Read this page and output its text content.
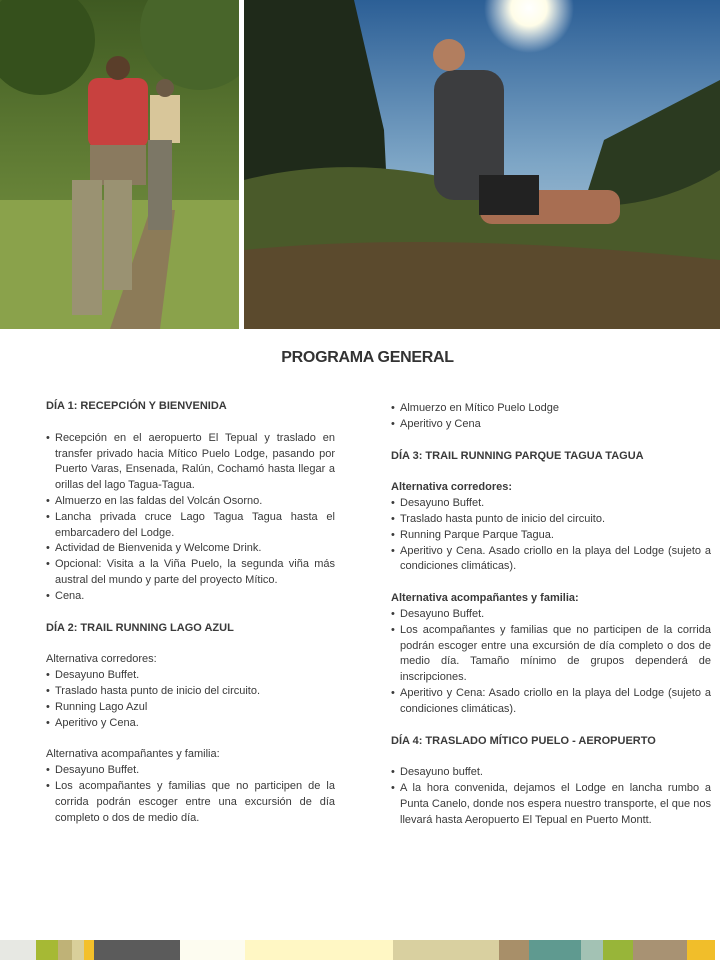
PROGRAMA GENERAL

DÍA 1: RECEPCIÓN Y BIENVENIDA

• Recepción en el aeropuerto El Tepual y traslado en transfer privado hacia Mítico Puelo Lodge, pasando por Puerto Varas, Ensenada, Ralún, Cochamó hasta llegar a orillas del lago Tagua-Tagua.
• Almuerzo en las faldas del Volcán Osorno.
• Lancha privada cruce Lago Tagua Tagua hasta el embarcadero del Lodge.
• Actividad de Bienvenida y Welcome Drink.
• Opcional: Visita a la Viña Puelo, la segunda viña más austral del mundo y parte del proyecto Mítico.
• Cena.

DÍA 2: TRAIL RUNNING LAGO AZUL

Alternativa corredores:

• Desayuno Buffet.
• Traslado hasta punto de inicio del circuito.
• Running Lago Azul
• Aperitivo y Cena.

Alternativa acompañantes y familia:

• Desayuno Buffet.
• Los acompañantes y familias que no participen de la corrida podrán escoger entre una excursión de día completo o dos de medio día.
• Almuerzo en Mítico Puelo Lodge
• Aperitivo y Cena

DÍA 3: TRAIL RUNNING PARQUE TAGUA TAGUA

Alternativa corredores:

• Desayuno Buffet.
• Traslado hasta punto de inicio del circuito.
• Running Parque Parque Tagua.
• Aperitivo y Cena. Asado criollo en la playa del Lodge (sujeto a condiciones climáticas).

Alternativa acompañantes y familia:

• Desayuno Buffet.
• Los acompañantes y familias que no participen de la corrida podrán escoger entre una excursión de día completo o dos de medio día. Tamaño mínimo de grupos dependerá de inscripciones.
• Aperitivo y Cena: Asado criollo en la playa del Lodge (sujeto a condiciones climáticas).

DÍA 4: TRASLADO MÍTICO PUELO - AEROPUERTO

• Desayuno buffet.
• A la hora convenida, dejamos el Lodge en lancha rumbo a Punta Canelo, donde nos espera nuestro transporte, el que nos llevará hasta Aeropuerto El Tepual en Puerto Montt.
